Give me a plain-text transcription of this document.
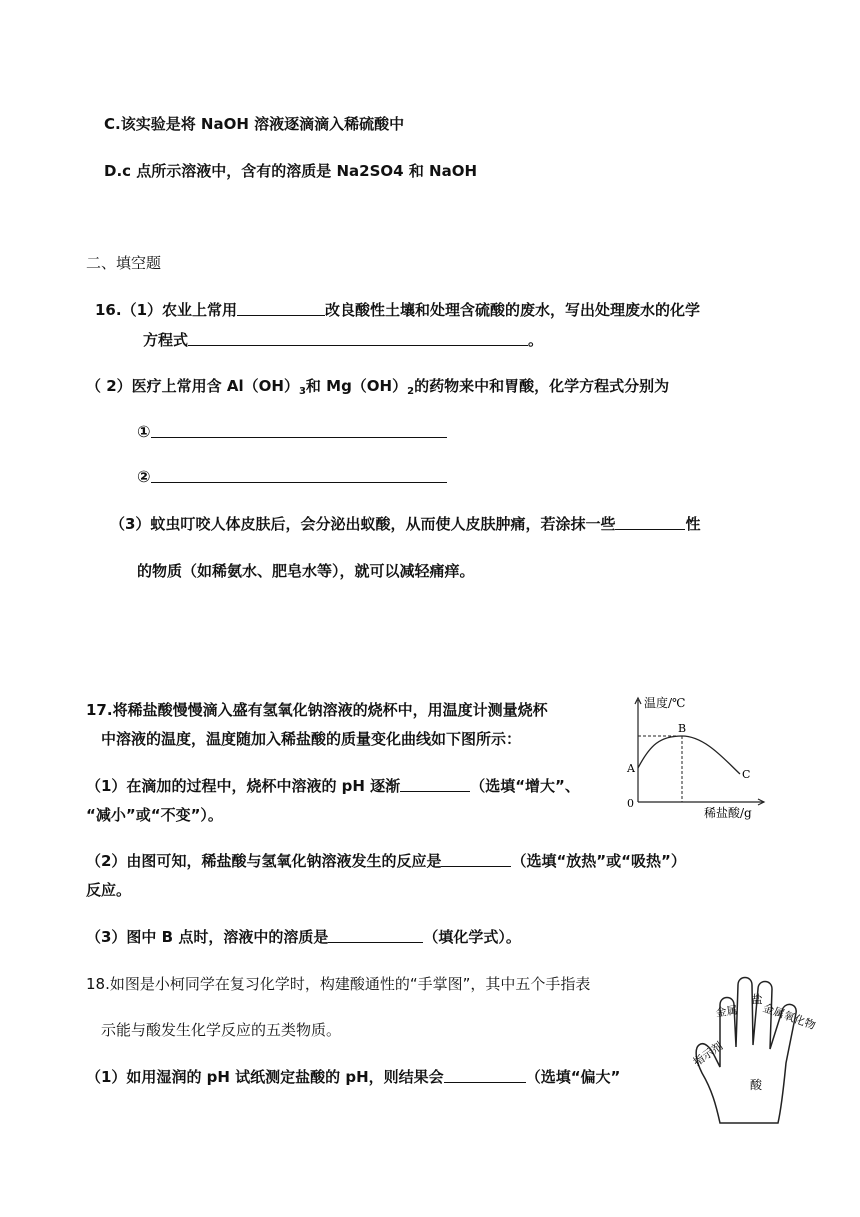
C.该实验是将 NaOH 溶液逐滴滴入稀硫酸中
D.c 点所示溶液中，含有的溶质是 Na2SO4 和 NaOH
二、填空题
16.（1）农业上常用	改良酸性土壤和处理含硫酸的废水，写出处理废水的化学
方程式	。
（ 2）医疗上常用含 $Al(OH)_3$和 $Mg(OH)_2$的药物来中和胃酸，化学方程式分别为
①
②
（3）蚊虫叮咬人体皮肤后，会分泌出蚁酸，从而使人皮肤肿痛，若涂抹一些	性
的物质（如稀氨水、肥皂水等），就可以减轻痛痒。
17.将稀盐酸慢慢滴入盛有氢氧化钠溶液的烧杯中，用温度计测量烧杯
中溶液的温度，温度随加入稀盐酸的质量变化曲线如下图所示：
（1）在滴加的过程中，烧杯中溶液的 pH 逐渐	（选填“增大”、
“减小”或“不变”）。
（2）由图可知，稀盐酸与氢氧化钠溶液发生的反应是	（选填“放热”或“吸热”）
反应。
（3）图中 B 点时，溶液中的溶质是	（填化学式）。
温度/℃
稀盐酸/g
0
A
B
C
18.如图是小柯同学在复习化学时，构建酸通性的“手掌图”，其中五个手指表
示能与酸发生化学反应的五类物质。
（1）如用湿润的 pH 试纸测定盐酸的 pH，则结果会	（选填“偏大”
金属
盐
金属氧化物
指示剂
酸
